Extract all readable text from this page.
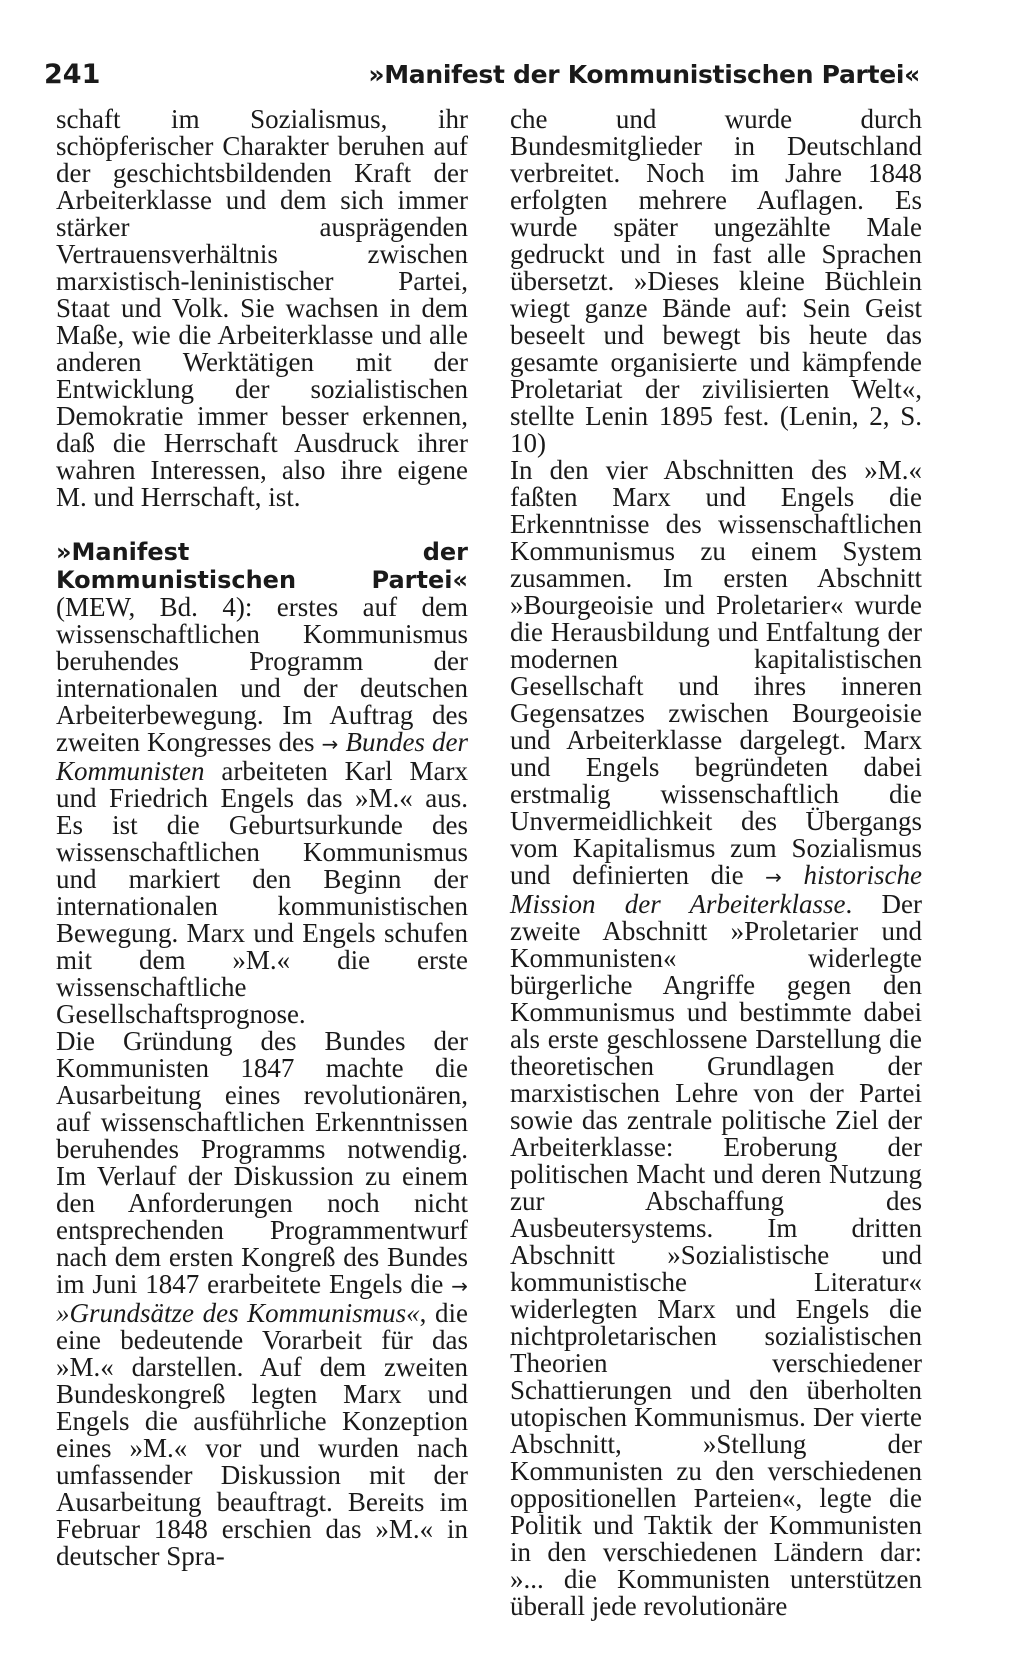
241	»Manifest der Kommunistischen Partei«

schaft im Sozialismus, ihr schöpferischer Charakter beruhen auf der geschichtsbildenden Kraft der Arbeiterklasse und dem sich immer stärker ausprägenden Vertrauensverhältnis zwischen marxistisch-leninistischer Partei, Staat und Volk. Sie wachsen in dem Maße, wie die Arbeiterklasse und alle anderen Werktätigen mit der Entwicklung der sozialistischen Demokratie immer besser erkennen, daß die Herrschaft Ausdruck ihrer wahren Interessen, also ihre eigene M. und Herrschaft, ist.

»Manifest der Kommunistischen Partei« (MEW, Bd. 4): erstes auf dem wissenschaftlichen Kommunismus beruhendes Programm der internationalen und der deutschen Arbeiterbewegung. Im Auftrag des zweiten Kongresses des → Bundes der Kommunisten arbeiteten Karl Marx und Friedrich Engels das »M.« aus. Es ist die Geburtsurkunde des wissenschaftlichen Kommunismus und markiert den Beginn der internationalen kommunistischen Bewegung. Marx und Engels schufen mit dem »M.« die erste wissenschaftliche Gesellschaftsprognose.

Die Gründung des Bundes der Kommunisten 1847 machte die Ausarbeitung eines revolutionären, auf wissenschaftlichen Erkenntnissen beruhendes Programms notwendig. Im Verlauf der Diskussion zu einem den Anforderungen noch nicht entsprechenden Programmentwurf nach dem ersten Kongreß des Bundes im Juni 1847 erarbeitete Engels die → »Grundsätze des Kommunismus«, die eine bedeutende Vorarbeit für das »M.« darstellen. Auf dem zweiten Bundeskongreß legten Marx und Engels die ausführliche Konzeption eines »M.« vor und wurden nach umfassender Diskussion mit der Ausarbeitung beauftragt. Bereits im Februar 1848 erschien das »M.« in deutscher Spra-

che und wurde durch Bundesmitglieder in Deutschland verbreitet. Noch im Jahre 1848 erfolgten mehrere Auflagen. Es wurde später ungezählte Male gedruckt und in fast alle Sprachen übersetzt. »Dieses kleine Büchlein wiegt ganze Bände auf: Sein Geist beseelt und bewegt bis heute das gesamte organisierte und kämpfende Proletariat der zivilisierten Welt«, stellte Lenin 1895 fest. (Lenin, 2, S. 10)

In den vier Abschnitten des »M.« faßten Marx und Engels die Erkenntnisse des wissenschaftlichen Kommunismus zu einem System zusammen. Im ersten Abschnitt »Bourgeoisie und Proletarier« wurde die Herausbildung und Entfaltung der modernen kapitalistischen Gesellschaft und ihres inneren Gegensatzes zwischen Bourgeoisie und Arbeiterklasse dargelegt. Marx und Engels begründeten dabei erstmalig wissenschaftlich die Unvermeidlichkeit des Übergangs vom Kapitalismus zum Sozialismus und definierten die → historische Mission der Arbeiterklasse. Der zweite Abschnitt »Proletarier und Kommunisten« widerlegte bürgerliche Angriffe gegen den Kommunismus und bestimmte dabei als erste geschlossene Darstellung die theoretischen Grundlagen der marxistischen Lehre von der Partei sowie das zentrale politische Ziel der Arbeiterklasse: Eroberung der politischen Macht und deren Nutzung zur Abschaffung des Ausbeutersystems. Im dritten Abschnitt »Sozialistische und kommunistische Literatur« widerlegten Marx und Engels die nichtproletarischen sozialistischen Theorien verschiedener Schattierungen und den überholten utopischen Kommunismus. Der vierte Abschnitt, »Stellung der Kommunisten zu den verschiedenen oppositionellen Parteien«, legte die Politik und Taktik der Kommunisten in den verschiedenen Ländern dar: »... die Kommunisten unterstützen überall jede revolutionäre
